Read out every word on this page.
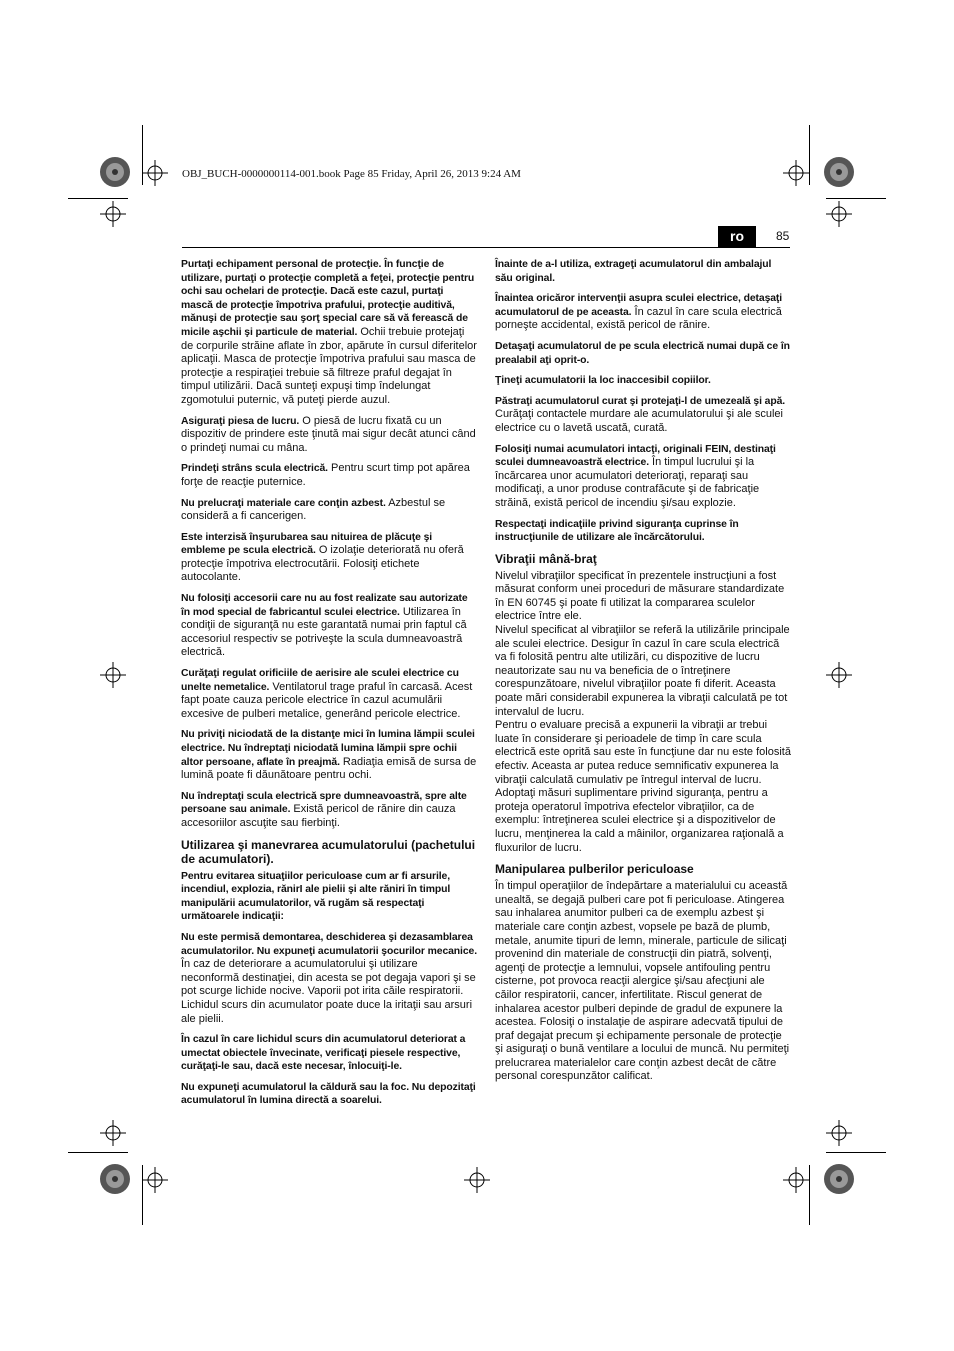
OBJ_BUCH-0000000114-001.book Page 85 Friday, April 26, 2013 9:24 AM
ro	85

Purtaţi echipament personal de protecţie. În funcţie de utilizare, purtaţi o protecţie completă a feţei, protecţie pentru ochi sau ochelari de protecţie. Dacă este cazul, purtaţi mască de protecţie împotriva prafului, protecţie auditivă, mănuşi de protecţie sau şorţ special care să vă ferească de micile aşchii şi particule de material. Ochii trebuie protejaţi de corpurile străine aflate în zbor, apărute în cursul diferitelor aplicaţii. Masca de protecţie împotriva prafului sau masca de protecţie a respiraţiei trebuie să filtreze praful degajat în timpul utilizării. Dacă sunteţi expuşi timp îndelungat zgomotului puternic, vă puteţi pierde auzul.

Asiguraţi piesa de lucru. O piesă de lucru fixată cu un dispozitiv de prindere este ţinută mai sigur decât atunci când o prindeţi numai cu mâna.

Prindeţi strâns scula electrică. Pentru scurt timp pot apărea forţe de reacţie puternice.

Nu prelucraţi materiale care conţin azbest. Azbestul se consideră a fi cancerigen.

Este interzisă înşurubarea sau nituirea de plăcuţe şi embleme pe scula electrică. O izolaţie deteriorată nu oferă protecţie împotriva electrocutării. Folosiţi etichete autocolante.

Nu folosiţi accesorii care nu au fost realizate sau autorizate în mod special de fabricantul sculei electrice. Utilizarea în condiţii de siguranţă nu este garantată numai prin faptul că accesoriul respectiv se potriveşte la scula dumneavoastră electrică.

Curăţaţi regulat orificiile de aerisire ale sculei electrice cu unelte nemetalice. Ventilatorul trage praful în carcasă. Acest fapt poate cauza pericole electrice în cazul acumulării excesive de pulberi metalice, generând pericole electrice.

Nu priviţi niciodată de la distanţe mici în lumina lămpii sculei electrice. Nu îndreptaţi niciodată lumina lămpii spre ochii altor persoane, aflate în preajmă. Radiaţia emisă de sursa de lumină poate fi dăunătoare pentru ochi.

Nu îndreptaţi scula electrică spre dumneavoastră, spre alte persoane sau animale. Există pericol de rănire din cauza accesoriilor ascuţite sau fierbinţi.

Utilizarea şi manevrarea acumulatorului (pachetului de acumulatori).

Pentru evitarea situaţiilor periculoase cum ar fi arsurile, incendiul, explozia, rănirI ale pielii şi alte răniri în timpul manipulării acumulatorilor, vă rugăm să respectaţi următoarele indicaţii:

Nu este permisă demontarea, deschiderea şi dezasamblarea acumulatorilor. Nu expuneţi acumulatorii şocurilor mecanice. În caz de deteriorare a acumulatorului şi utilizare neconformă destinaţiei, din acesta se pot degaja vapori şi se pot scurge lichide nocive. Vaporii pot irita căile respiratorii. Lichidul scurs din acumulator poate duce la iritaţii sau arsuri ale pielii.

În cazul în care lichidul scurs din acumulatorul deteriorat a umectat obiectele învecinate, verificaţi piesele respective, curăţaţi-le sau, dacă este necesar, înlocuiţi-le.

Nu expuneţi acumulatorul la căldură sau la foc. Nu depozitaţi acumulatorul în lumina directă a soarelui.

Înainte de a-l utiliza, extrageţi acumulatorul din ambalajul său original.

Înaintea oricăror intervenţii asupra sculei electrice, detaşaţi acumulatorul de pe aceasta. În cazul în care scula electrică porneşte accidental, există pericol de rănire.

Detaşaţi acumulatorul de pe scula electrică numai după ce în prealabil aţi oprit-o.

Ţineţi acumulatorii la loc inaccesibil copiilor.

Păstraţi acumulatorul curat şi protejaţi-l de umezeală şi apă. Curăţaţi contactele murdare ale acumulatorului şi ale sculei electrice cu o lavetă uscată, curată.

Folosiţi numai acumulatori intacţi, originali FEIN, destinaţi sculei dumneavoastră electrice. În timpul lucrului şi la încărcarea unor acumulatori deterioraţi, reparaţi sau modificaţi, a unor produse contrafăcute şi de fabricaţie străină, există pericol de incendiu şi/sau explozie.

Respectaţi indicaţiile privind siguranţa cuprinse în instrucţiunile de utilizare ale încărcătorului.

Vibraţii mână-braţ

Nivelul vibraţiilor specificat în prezentele instrucţiuni a fost măsurat conform unei proceduri de măsurare standardizate în EN 60745 şi poate fi utilizat la compararea sculelor electrice între ele.

Nivelul specificat al vibraţiilor se referă la utilizările principale ale sculei electrice. Desigur în cazul în care scula electrică va fi folosită pentru alte utilizări, cu dispozitive de lucru neautorizate sau nu va beneficia de o întreţinere corespunzătoare, nivelul vibraţiilor poate fi diferit. Aceasta poate mări considerabil expunerea la vibraţii calculată pe tot intervalul de lucru.

Pentru o evaluare precisă a expunerii la vibraţii ar trebui luate în considerare şi perioadele de timp în care scula electrică este oprită sau este în funcţiune dar nu este folosită efectiv. Aceasta ar putea reduce semnificativ expunerea la vibraţii calculată cumulativ pe întregul interval de lucru.

Adoptaţi măsuri suplimentare privind siguranţa, pentru a proteja operatorul împotriva efectelor vibraţiilor, ca de exemplu: întreţinerea sculei electrice şi a dispozitivelor de lucru, menţinerea la cald a mâinilor, organizarea raţională a fluxurilor de lucru.

Manipularea pulberilor periculoase

În timpul operaţiilor de îndepărtare a materialului cu această unealtă, se degajă pulberi care pot fi periculoase. Atingerea sau inhalarea anumitor pulberi ca de exemplu azbest şi materiale care conţin azbest, vopsele pe bază de plumb, metale, anumite tipuri de lemn, minerale, particule de silicaţi provenind din materiale de construcţii din piatră, solvenţi, agenţi de protecţie a lemnului, vopsele antifouling pentru cisterne, pot provoca reacţii alergice şi/sau afecţiuni ale căilor respiratorii, cancer, infertilitate. Riscul generat de inhalarea acestor pulberi depinde de gradul de expunere la acestea. Folosiţi o instalaţie de aspirare adecvată tipului de praf degajat precum şi echipamente personale de protecţie şi asiguraţi o bună ventilare a locului de muncă. Nu permiteţi prelucrarea materialelor care conţin azbest decât de către personal corespunzător calificat.
